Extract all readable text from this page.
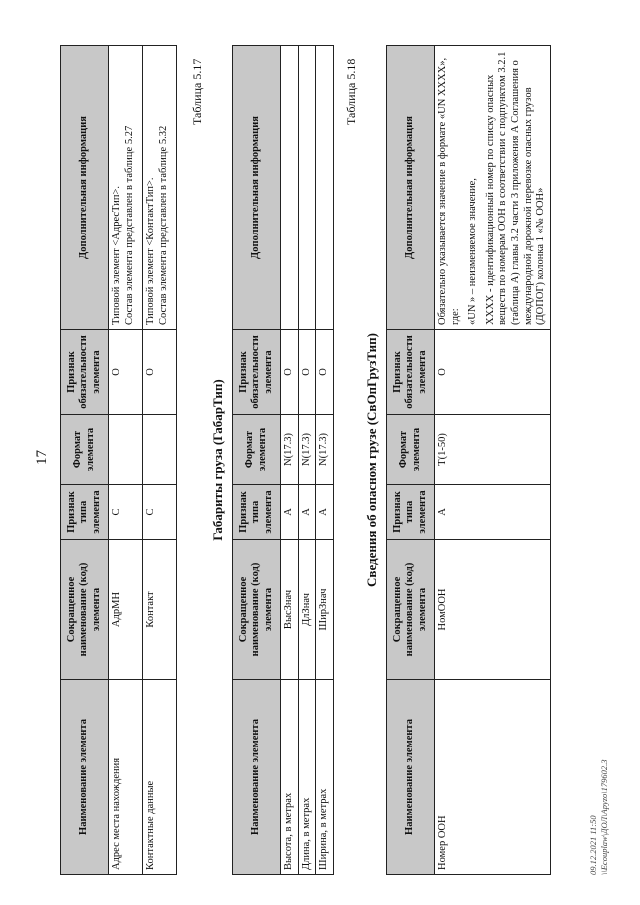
17
Наименование элемента	Сокращенное наименование (код) элемента	Признак типа элемента	Формат элемента	Признак обязательности элемента	Дополнительная информация
Адрес места нахождения	АдрМН	С		О	Типовой элемент <АдресТип>. Состав элемента представлен в таблице 5.27

Контактные данные	Контакт	С		О	Типовой элемент <КонтактТип>. Состав элемента представлен в таблице 5.32
Таблица 5.17
Габариты груза (ГабарТип)
Наименование элемента	Сокращенное наименование (код) элемента	Признак типа элемента	Формат элемента	Признак обязательности элемента	Дополнительная информация
Высота, в метрах	ВысЗнач	А	N(17.3)	О	
Длина, в метрах	ДлЗнач	А	N(17.3)	О	
Ширина, в метрах	ШирЗнач	А	N(17.3)	О	
Таблица 5.18
Сведения об опасном грузе (СвОпГрузТип)
Наименование элемента	Сокращенное наименование (код) элемента	Признак типа элемента	Формат элемента	Признак обязательности элемента	Дополнительная информация
Номер ООН	НомООН	А	T(1-50)	О	Обязательно указывается значение в формате «UN XXXX», где: «UN » – неизменяемое значение, XXXX - идентификационный номер по списку опасных веществ по номерам ООН в соответствии с подпунктом 3.2.1 (таблица А) главы 3.2 части 3 приложения А Соглашения о международной дорожной перевозке опасных грузов (ДОПОГ) колонка 1 «№ ООН»
09.12.2021 11:50 \\Ecouplaw\ДОЛ\Apyzo\179602.3
